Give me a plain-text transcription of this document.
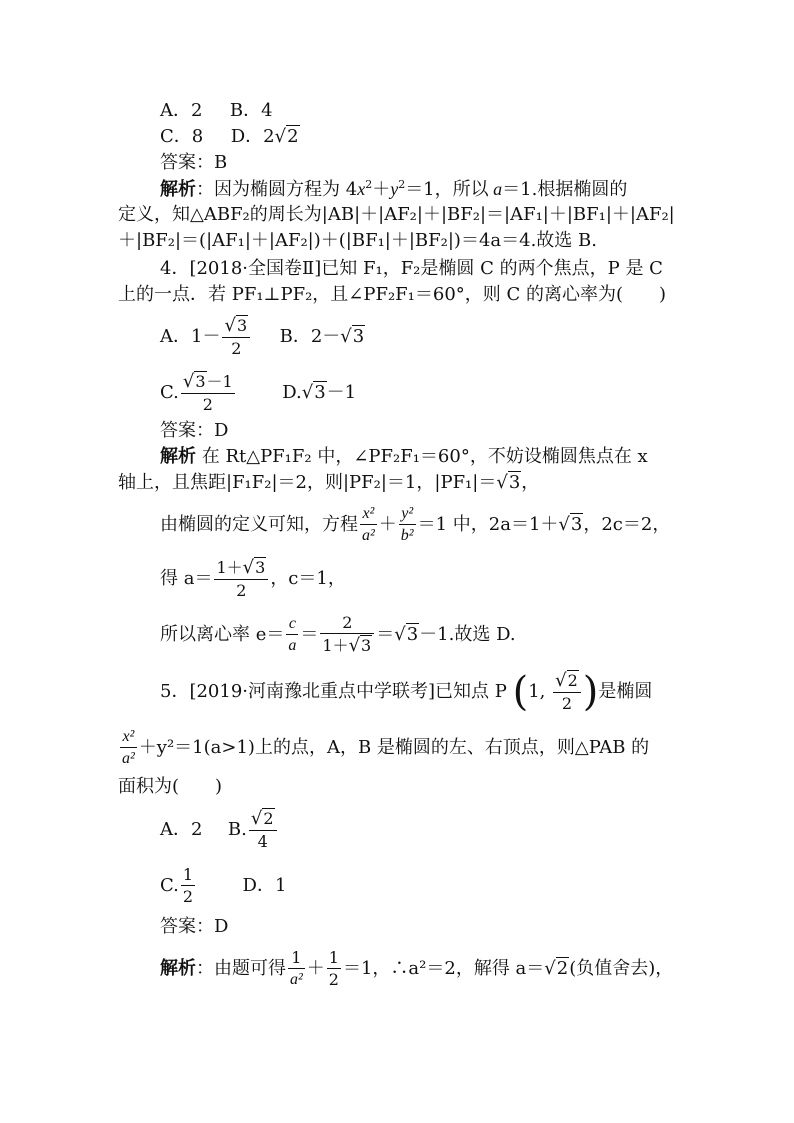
A．2 B．4
C．8 D．2√2
答案：B
解析：因为椭圆方程为 $4x^2+y^2=1$，所以 a＝1.根据椭圆的
定义，知△ABF₂的周长为|AB|＋|AF₂|＋|BF₂|＝|AF₁|＋|BF₁|＋|AF₂|
＋|BF₂|＝(|AF₁|＋|AF₂|)＋(|BF₁|＋|BF₂|)＝4a＝4.故选 B.
4．[2018·全国卷Ⅱ]已知 F₁，F₂是椭圆 C 的两个焦点，P 是 C
上的一点．若 PF₁⊥PF₂，且∠PF₂F₁＝60°，则 C 的离心率为(　　)
A．$1- \frac{√3}{2}$ B．2－√3
C. $\frac{√3-1}{2}$	D.√3－1
答案：D
解析 在 Rt△PF₁F₂ 中，∠PF₂F₁＝60°，不妨设椭圆焦点在 x
轴上，且焦距|F₁F₂|＝2，则|PF₂|＝1，|PF₁|＝√3，
由椭圆的定义可知，方程 $\frac{\text{x²}}{\text{a²}} + \frac{\text{y²}}{\text{b²}} =1$ 中，2a＝1＋√3，2c＝2，
得 $a= \frac{1+√3}{2}$ ，c＝1，
所以离心率 $e= \frac{c}{a} = \frac{2}{1+√3} =√3-1$.故选 D.
5．[2019·河南豫北重点中学联考]已知点 P (1, $\frac{√2}{2}$ )是椭圆
$\frac{\text{x²}}{\text{a²}} +y^2=1(a>1)$上的点，A，B 是椭圆的左、右顶点，则△PAB 的
面积为(　　)
A．2 B. $\frac{√2}{4}$
C. $\frac{1}{2}$	D．1
答案：D
解析：由题可得 $\frac{1}{\text{a²}} + \frac{1}{2} =1$，∴a²＝2，解得 a＝√2(负值舍去)，
